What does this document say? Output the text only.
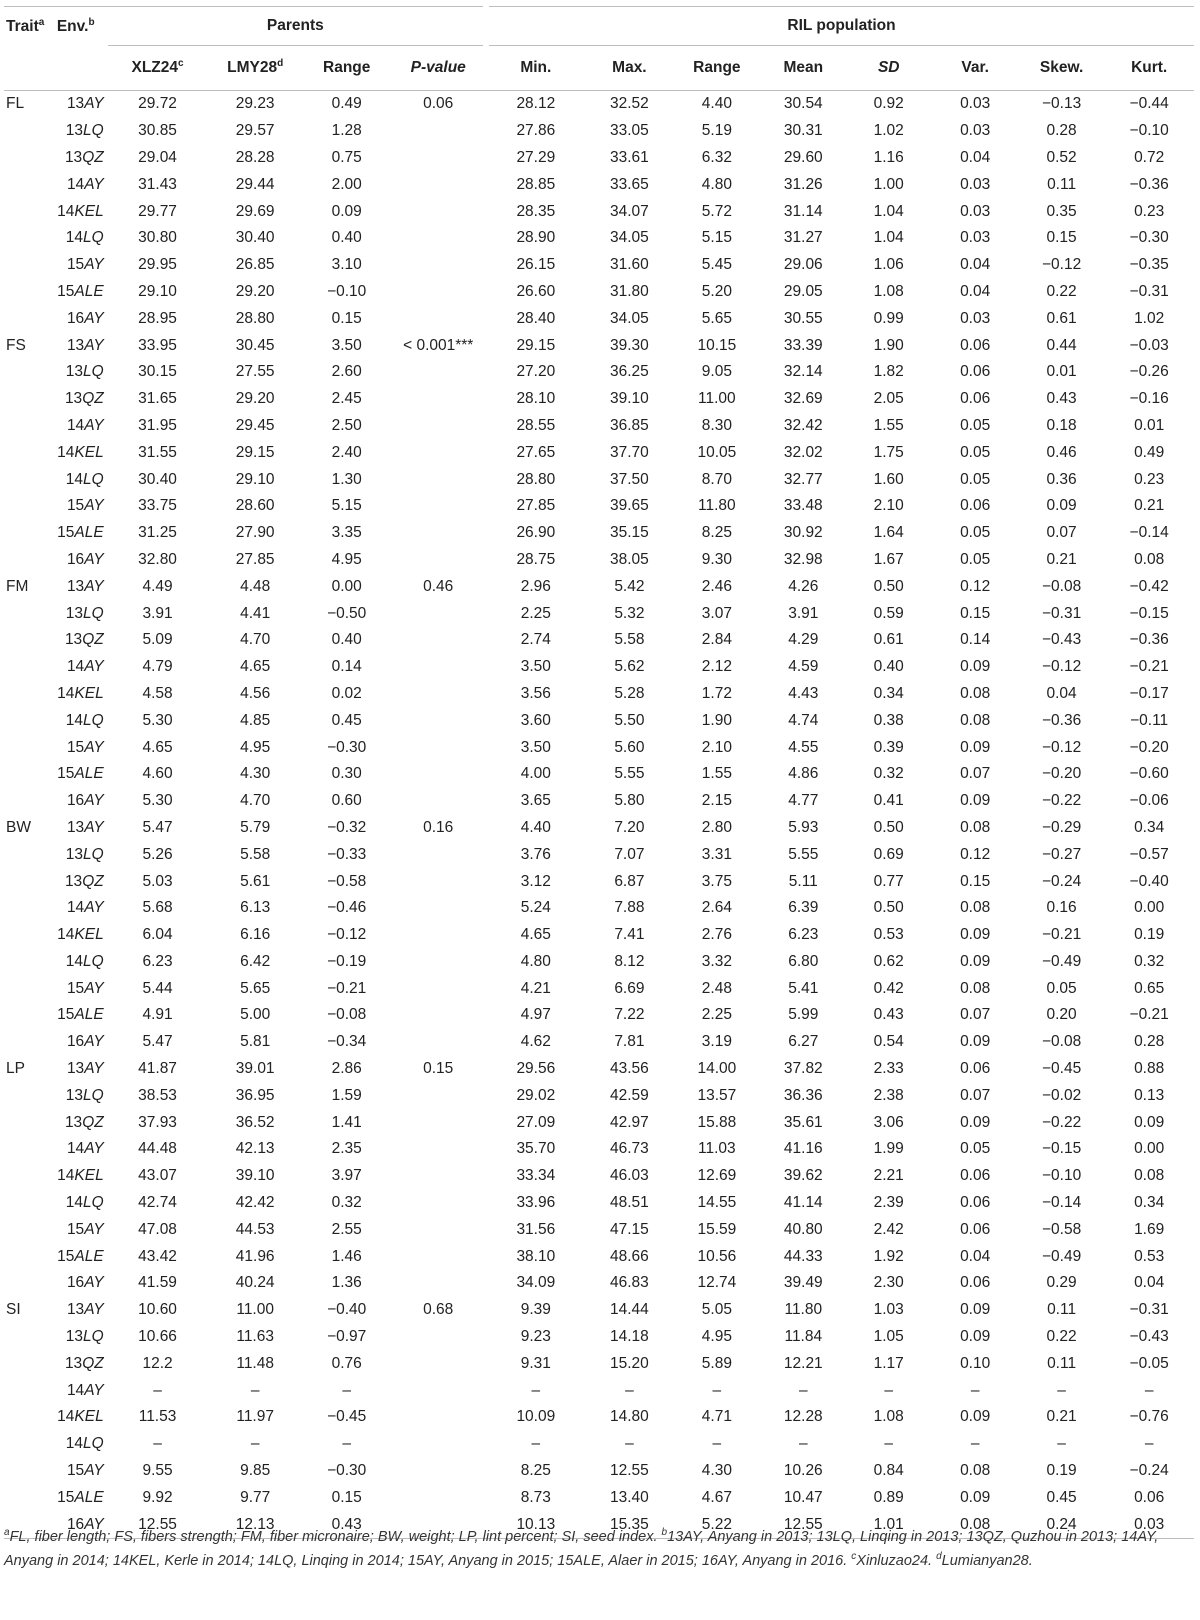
Trait$^a$	Env.$^b$	Parents				RIL population							
		XLZ24$^c$	LMY28$^d$	Range	P-value	Min.	Max.	Range	Mean	SD	Var.	Skew.	Kurt.
FL	13AY	29.72	29.23	0.49	0.06	28.12	32.52	4.40	30.54	0.92	0.03	−0.13	−0.44
	13LQ	30.85	29.57	1.28		27.86	33.05	5.19	30.31	1.02	0.03	0.28	−0.10
	13QZ	29.04	28.28	0.75		27.29	33.61	6.32	29.60	1.16	0.04	0.52	0.72
	14AY	31.43	29.44	2.00		28.85	33.65	4.80	31.26	1.00	0.03	0.11	−0.36
	14KEL	29.77	29.69	0.09		28.35	34.07	5.72	31.14	1.04	0.03	0.35	0.23
	14LQ	30.80	30.40	0.40		28.90	34.05	5.15	31.27	1.04	0.03	0.15	−0.30
	15AY	29.95	26.85	3.10		26.15	31.60	5.45	29.06	1.06	0.04	−0.12	−0.35
	15ALE	29.10	29.20	−0.10		26.60	31.80	5.20	29.05	1.08	0.04	0.22	−0.31
	16AY	28.95	28.80	0.15		28.40	34.05	5.65	30.55	0.99	0.03	0.61	1.02
FS	13AY	33.95	30.45	3.50	< 0.001***	29.15	39.30	10.15	33.39	1.90	0.06	0.44	−0.03
	13LQ	30.15	27.55	2.60		27.20	36.25	9.05	32.14	1.82	0.06	0.01	−0.26
	13QZ	31.65	29.20	2.45		28.10	39.10	11.00	32.69	2.05	0.06	0.43	−0.16
	14AY	31.95	29.45	2.50		28.55	36.85	8.30	32.42	1.55	0.05	0.18	0.01
	14KEL	31.55	29.15	2.40		27.65	37.70	10.05	32.02	1.75	0.05	0.46	0.49
	14LQ	30.40	29.10	1.30		28.80	37.50	8.70	32.77	1.60	0.05	0.36	0.23
	15AY	33.75	28.60	5.15		27.85	39.65	11.80	33.48	2.10	0.06	0.09	0.21
	15ALE	31.25	27.90	3.35		26.90	35.15	8.25	30.92	1.64	0.05	0.07	−0.14
	16AY	32.80	27.85	4.95		28.75	38.05	9.30	32.98	1.67	0.05	0.21	0.08
FM	13AY	4.49	4.48	0.00	0.46	2.96	5.42	2.46	4.26	0.50	0.12	−0.08	−0.42
	13LQ	3.91	4.41	−0.50		2.25	5.32	3.07	3.91	0.59	0.15	−0.31	−0.15
	13QZ	5.09	4.70	0.40		2.74	5.58	2.84	4.29	0.61	0.14	−0.43	−0.36
	14AY	4.79	4.65	0.14		3.50	5.62	2.12	4.59	0.40	0.09	−0.12	−0.21
	14KEL	4.58	4.56	0.02		3.56	5.28	1.72	4.43	0.34	0.08	0.04	−0.17
	14LQ	5.30	4.85	0.45		3.60	5.50	1.90	4.74	0.38	0.08	−0.36	−0.11
	15AY	4.65	4.95	−0.30		3.50	5.60	2.10	4.55	0.39	0.09	−0.12	−0.20
	15ALE	4.60	4.30	0.30		4.00	5.55	1.55	4.86	0.32	0.07	−0.20	−0.60
	16AY	5.30	4.70	0.60		3.65	5.80	2.15	4.77	0.41	0.09	−0.22	−0.06
BW	13AY	5.47	5.79	−0.32	0.16	4.40	7.20	2.80	5.93	0.50	0.08	−0.29	0.34
	13LQ	5.26	5.58	−0.33		3.76	7.07	3.31	5.55	0.69	0.12	−0.27	−0.57
	13QZ	5.03	5.61	−0.58		3.12	6.87	3.75	5.11	0.77	0.15	−0.24	−0.40
	14AY	5.68	6.13	−0.46		5.24	7.88	2.64	6.39	0.50	0.08	0.16	0.00
	14KEL	6.04	6.16	−0.12		4.65	7.41	2.76	6.23	0.53	0.09	−0.21	0.19
	14LQ	6.23	6.42	−0.19		4.80	8.12	3.32	6.80	0.62	0.09	−0.49	0.32
	15AY	5.44	5.65	−0.21		4.21	6.69	2.48	5.41	0.42	0.08	0.05	0.65
	15ALE	4.91	5.00	−0.08		4.97	7.22	2.25	5.99	0.43	0.07	0.20	−0.21
	16AY	5.47	5.81	−0.34		4.62	7.81	3.19	6.27	0.54	0.09	−0.08	0.28
LP	13AY	41.87	39.01	2.86	0.15	29.56	43.56	14.00	37.82	2.33	0.06	−0.45	0.88
	13LQ	38.53	36.95	1.59		29.02	42.59	13.57	36.36	2.38	0.07	−0.02	0.13
	13QZ	37.93	36.52	1.41		27.09	42.97	15.88	35.61	3.06	0.09	−0.22	0.09
	14AY	44.48	42.13	2.35		35.70	46.73	11.03	41.16	1.99	0.05	−0.15	0.00
	14KEL	43.07	39.10	3.97		33.34	46.03	12.69	39.62	2.21	0.06	−0.10	0.08
	14LQ	42.74	42.42	0.32		33.96	48.51	14.55	41.14	2.39	0.06	−0.14	0.34
	15AY	47.08	44.53	2.55		31.56	47.15	15.59	40.80	2.42	0.06	−0.58	1.69
	15ALE	43.42	41.96	1.46		38.10	48.66	10.56	44.33	1.92	0.04	−0.49	0.53
	16AY	41.59	40.24	1.36		34.09	46.83	12.74	39.49	2.30	0.06	0.29	0.04
SI	13AY	10.60	11.00	−0.40	0.68	9.39	14.44	5.05	11.80	1.03	0.09	0.11	−0.31
	13LQ	10.66	11.63	−0.97		9.23	14.18	4.95	11.84	1.05	0.09	0.22	−0.43
	13QZ	12.2	11.48	0.76		9.31	15.20	5.89	12.21	1.17	0.10	0.11	−0.05
	14AY	–	–	–		–	–	–	–	–	–	–	–
	14KEL	11.53	11.97	−0.45		10.09	14.80	4.71	12.28	1.08	0.09	0.21	−0.76
	14LQ	–	–	–		–	–	–	–	–	–	–	–
	15AY	9.55	9.85	−0.30		8.25	12.55	4.30	10.26	0.84	0.08	0.19	−0.24
	15ALE	9.92	9.77	0.15		8.73	13.40	4.67	10.47	0.89	0.09	0.45	0.06
	16AY	12.55	12.13	0.43		10.13	15.35	5.22	12.55	1.01	0.08	0.24	0.03
$^a$FL, fiber length; FS, fibers strength; FM, fiber micronaire; BW, weight; LP, lint percent; SI, seed index. $^b$13AY, Anyang in 2013; 13LQ, Linqing in 2013; 13QZ, Quzhou in 2013; 14AY, Anyang in 2014; 14KEL, Kerle in 2014; 14LQ, Linqing in 2014; 15AY, Anyang in 2015; 15ALE, Alaer in 2015; 16AY, Anyang in 2016. $^c$Xinluzao24. $^d$Lumianyan28.
